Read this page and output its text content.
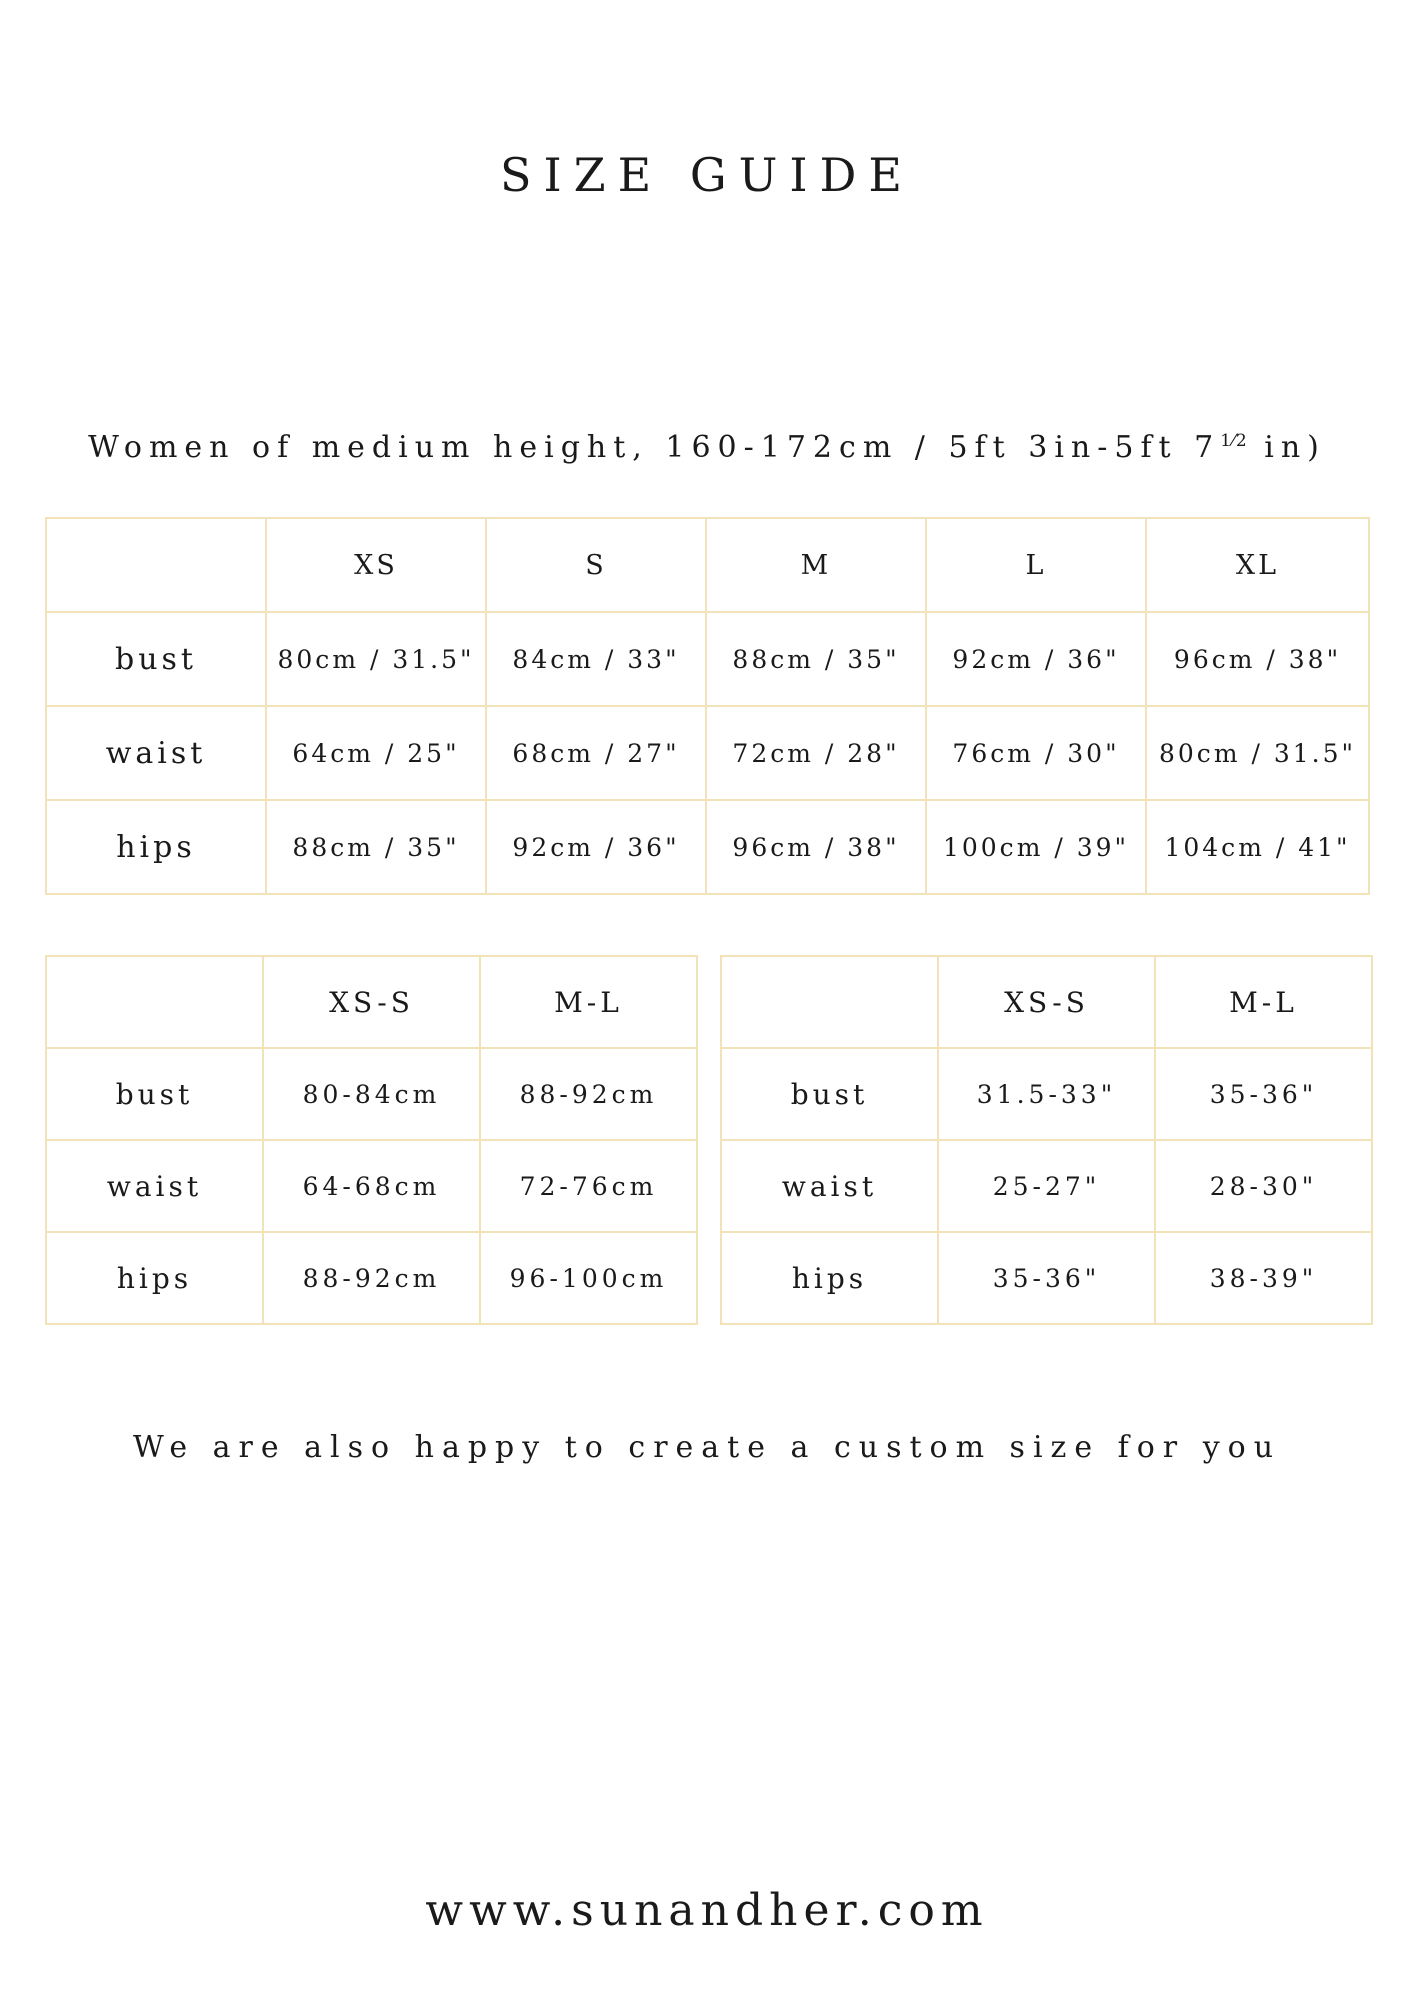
SIZE GUIDE
Women of medium height, 160-172cm / 5ft 3in-5ft $7^{1⁄2}$ in)
	XS	S	M	L	XL
bust	80cm / 31.5"	84cm / 33"	88cm / 35"	92cm / 36"	96cm / 38"
waist	64cm / 25"	68cm / 27"	72cm / 28"	76cm / 30"	80cm / 31.5"
hips	88cm / 35"	92cm / 36"	96cm / 38"	100cm / 39"	104cm / 41"
	XS-S	M-L
bust	80-84cm	88-92cm
waist	64-68cm	72-76cm
hips	88-92cm	96-100cm
	XS-S	M-L
bust	31.5-33"	35-36"
waist	25-27"	28-30"
hips	35-36"	38-39"
We are also happy to create a custom size for you
www.sunandher.com
